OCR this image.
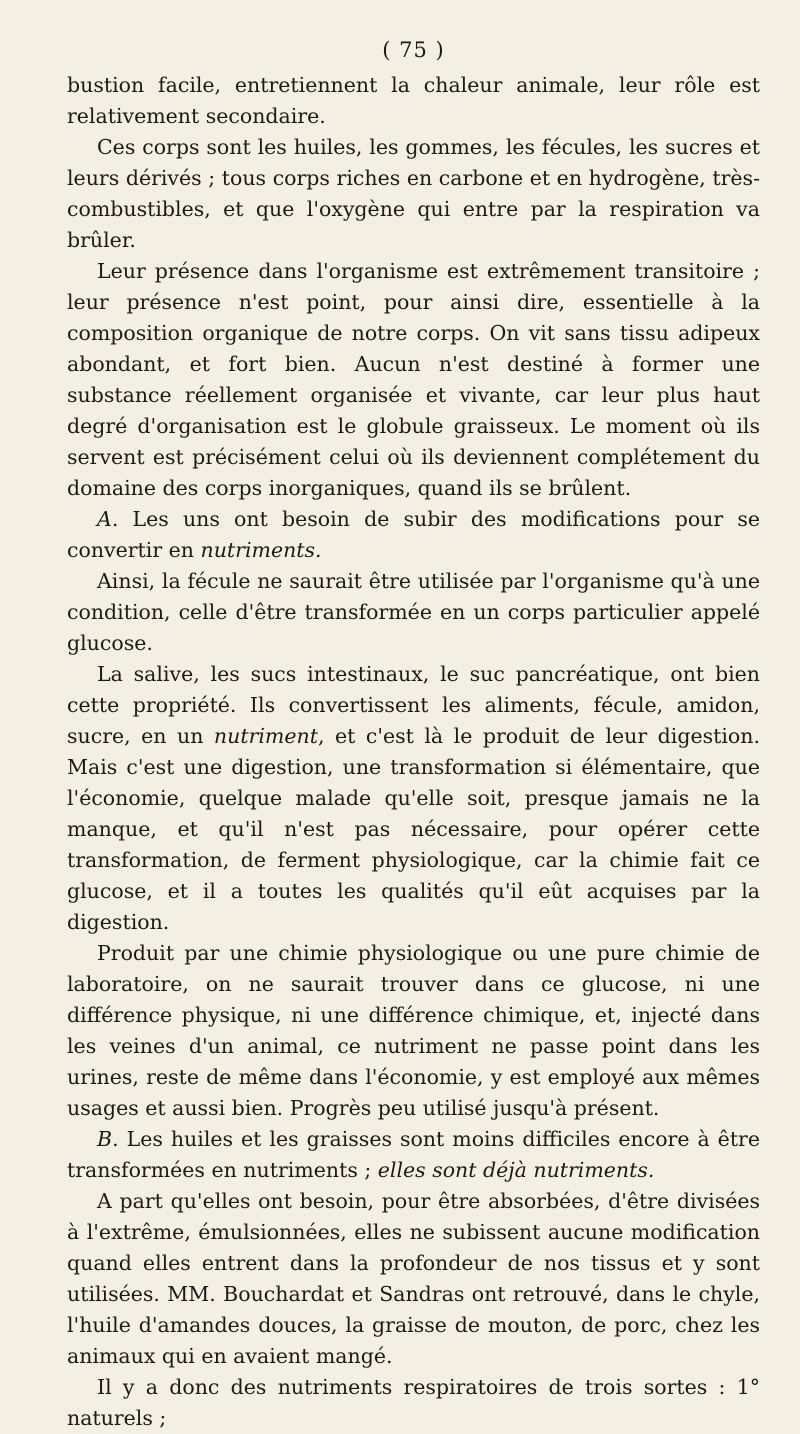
( 75 )

bustion facile, entretiennent la chaleur animale, leur rôle est relativement secondaire.

Ces corps sont les huiles, les gommes, les fécules, les sucres et leurs dérivés ; tous corps riches en carbone et en hydrogène, très-combustibles, et que l'oxygène qui entre par la respiration va brûler.

Leur présence dans l'organisme est extrêmement transitoire ; leur présence n'est point, pour ainsi dire, essentielle à la composition organique de notre corps. On vit sans tissu adipeux abondant, et fort bien. Aucun n'est destiné à former une substance réellement organisée et vivante, car leur plus haut degré d'organisation est le globule graisseux. Le moment où ils servent est précisément celui où ils deviennent complétement du domaine des corps inorganiques, quand ils se brûlent.

A. Les uns ont besoin de subir des modifications pour se convertir en nutriments.

Ainsi, la fécule ne saurait être utilisée par l'organisme qu'à une condition, celle d'être transformée en un corps particulier appelé glucose.

La salive, les sucs intestinaux, le suc pancréatique, ont bien cette propriété. Ils convertissent les aliments, fécule, amidon, sucre, en un nutriment, et c'est là le produit de leur digestion. Mais c'est une digestion, une transformation si élémentaire, que l'économie, quelque malade qu'elle soit, presque jamais ne la manque, et qu'il n'est pas nécessaire, pour opérer cette transformation, de ferment physiologique, car la chimie fait ce glucose, et il a toutes les qualités qu'il eût acquises par la digestion.

Produit par une chimie physiologique ou une pure chimie de laboratoire, on ne saurait trouver dans ce glucose, ni une différence physique, ni une différence chimique, et, injecté dans les veines d'un animal, ce nutriment ne passe point dans les urines, reste de même dans l'économie, y est employé aux mêmes usages et aussi bien. Progrès peu utilisé jusqu'à présent.

B. Les huiles et les graisses sont moins difficiles encore à être transformées en nutriments ; elles sont déjà nutriments.

A part qu'elles ont besoin, pour être absorbées, d'être divisées à l'extrême, émulsionnées, elles ne subissent aucune modification quand elles entrent dans la profondeur de nos tissus et y sont utilisées. MM. Bouchardat et Sandras ont retrouvé, dans le chyle, l'huile d'amandes douces, la graisse de mouton, de porc, chez les animaux qui en avaient mangé.

Il y a donc des nutriments respiratoires de trois sortes : 1° naturels ;
